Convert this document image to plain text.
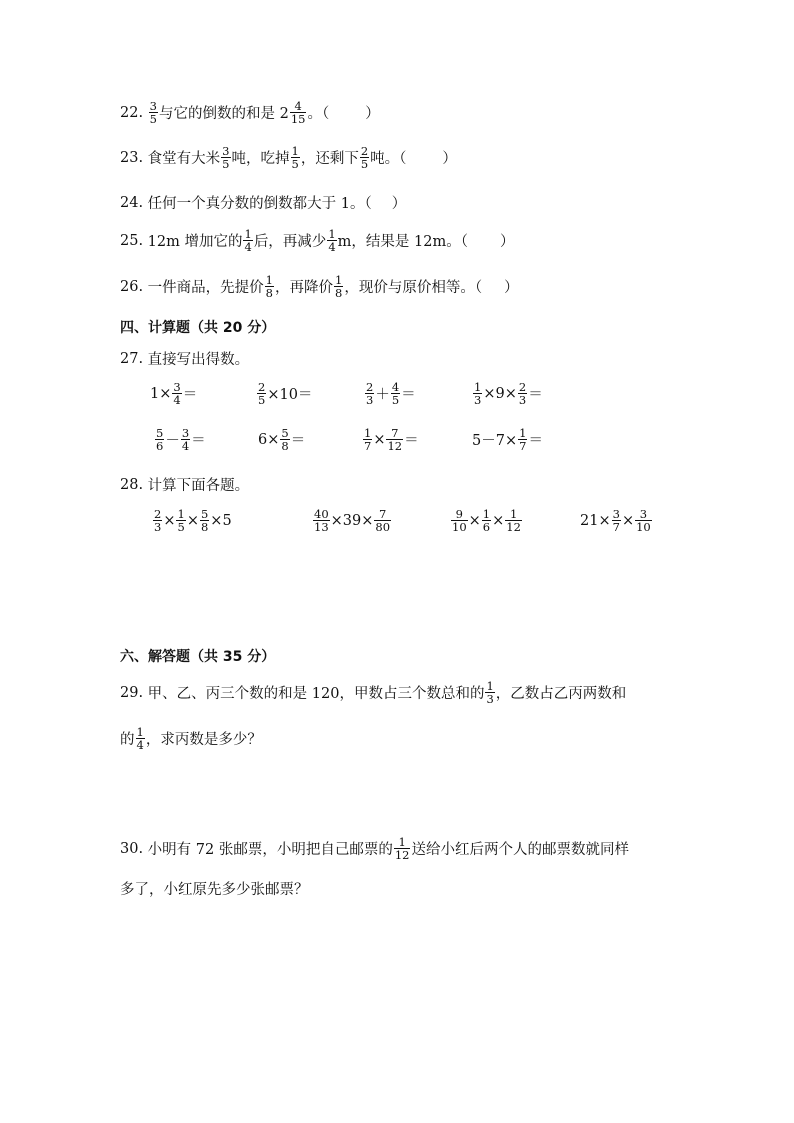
22.
$\frac{3}{5}$ 与它的倒数的和是 $2 \frac{4}{15}$ 。（ ）
23.
食堂有大米 $\frac{3}{5}$ 吨，吃掉 $\frac{1}{5}$ ，还剩下 $\frac{2}{5}$ 吨。（ ）
24.
任何一个真分数的倒数都大于 1。（ ）
25.
12m 增加它的 $\frac{1}{4}$ 后，再减少 $\frac{1}{4}$ m，结果是 12m。（ ）
26.
一件商品，先提价 $\frac{1}{8}$ ，再降价 $\frac{1}{8}$ ，现价与原价相等。（ ）
四、计算题（共 20 分）
27.
直接写出得数。
$1\times \frac{3}{4}$ ＝	$\frac{2}{5} \times 10=$	$\frac{2}{3} + \frac{4}{5}$ ＝	$\frac{1}{3} \times 9\times \frac{2}{3}$ ＝
$\frac{5}{6} - \frac{3}{4}$ ＝	$6\times \frac{5}{8}$ ＝	$\frac{1}{7} \times \frac{7}{12}$ ＝	$5-7\times \frac{1}{7}$ ＝
28.
计算下面各题。
$\frac{2}{3} \times \frac{1}{5} \times \frac{5}{8} \times 5$	$\frac{40}{13} \times 39\times \frac{7}{80}$	$\frac{9}{10} \times \frac{1}{6} \times \frac{1}{12}$	$21\times \frac{3}{7} \times \frac{3}{10}$
六、解答题（共 35 分）
29.
甲、乙、丙三个数的和是 120，甲数占三个数总和的 $\frac{1}{3}$ ，乙数占乙丙两数和
的 $\frac{1}{4}$ ，求丙数是多少？
30.
小明有 72 张邮票，小明把自己邮票的 $\frac{1}{12}$ 送给小红后两个人的邮票数就同样
多了，小红原先多少张邮票？
